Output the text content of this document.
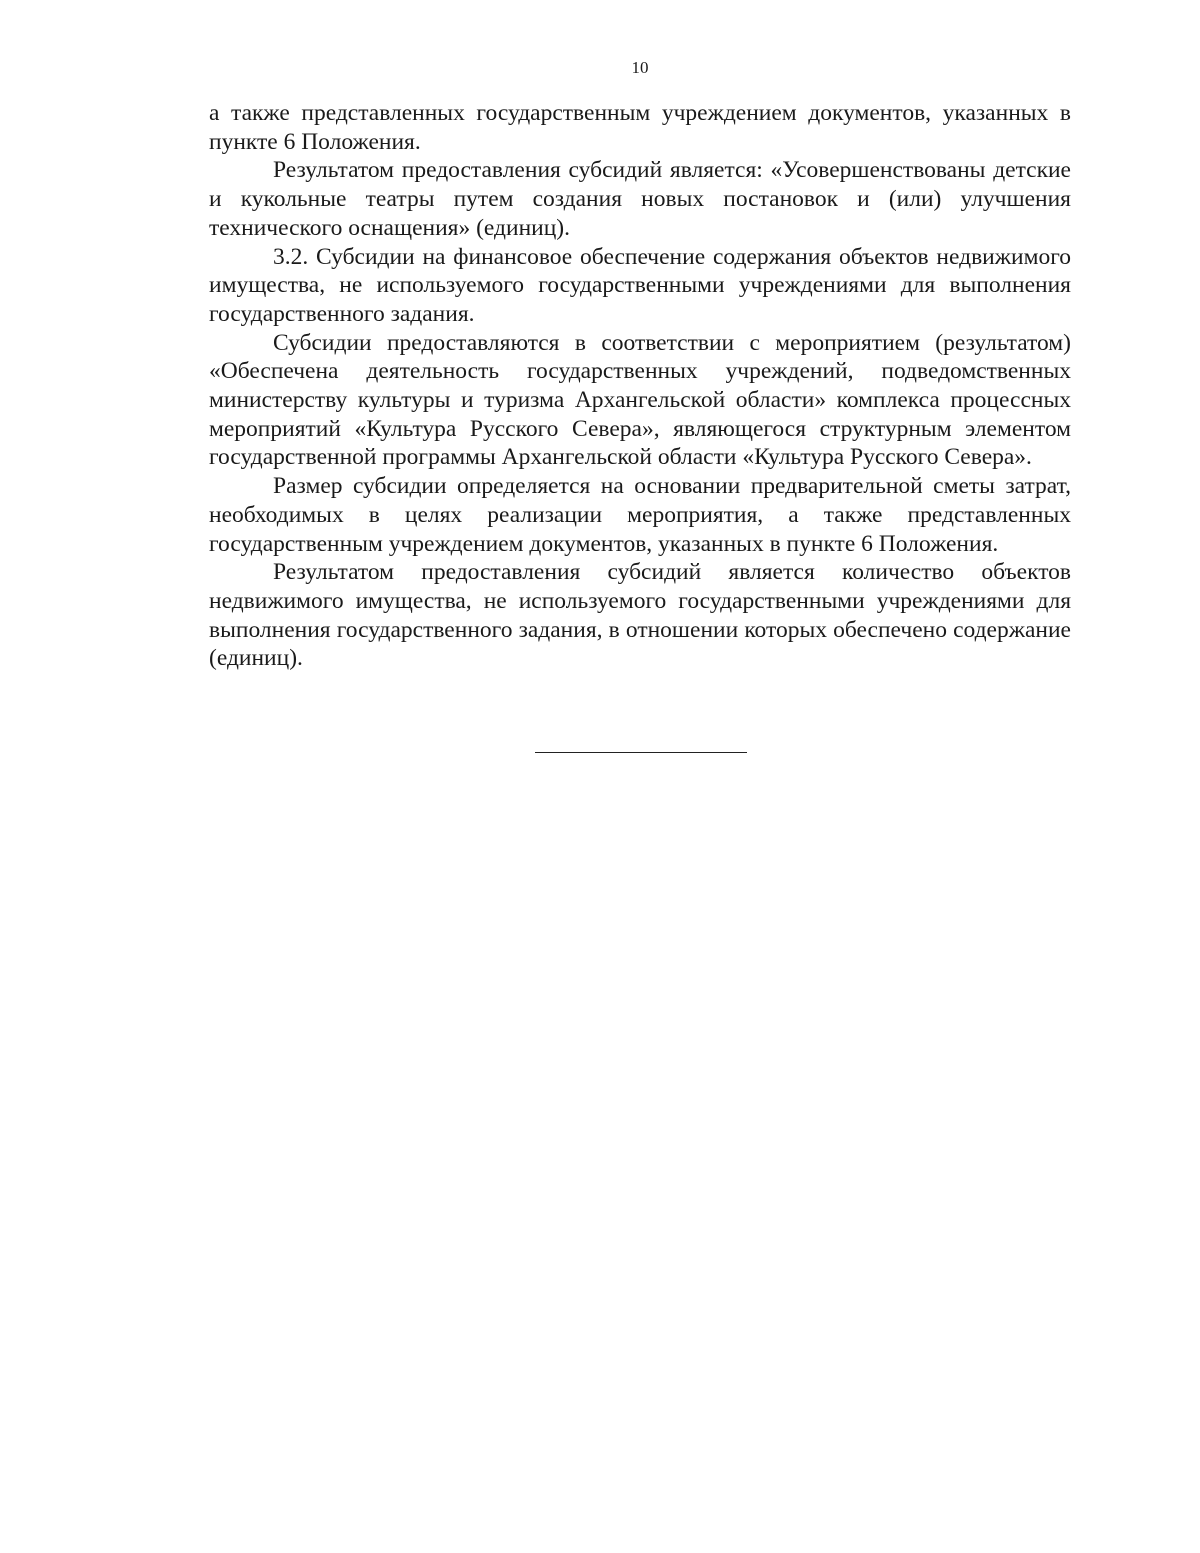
10

а также представленных государственным учреждением документов, указанных в пункте 6 Положения.

Результатом предоставления субсидий является: «Усовершенствованы детские и кукольные театры путем создания новых постановок и (или) улучшения технического оснащения» (единиц).

3.2. Субсидии на финансовое обеспечение содержания объектов недвижимого имущества, не используемого государственными учреждениями для выполнения государственного задания.

Субсидии предоставляются в соответствии с мероприятием (результатом) «Обеспечена деятельность государственных учреждений, подведомственных министерству культуры и туризма Архангельской области» комплекса процессных мероприятий «Культура Русского Севера», являющегося структурным элементом государственной программы Архангельской области «Культура Русского Севера».

Размер субсидии определяется на основании предварительной сметы затрат, необходимых в целях реализации мероприятия, а также представленных государственным учреждением документов, указанных в пункте 6 Положения.

Результатом предоставления субсидий является количество объектов недвижимого имущества, не используемого государственными учреждениями для выполнения государственного задания, в отношении которых обеспечено содержание (единиц).
